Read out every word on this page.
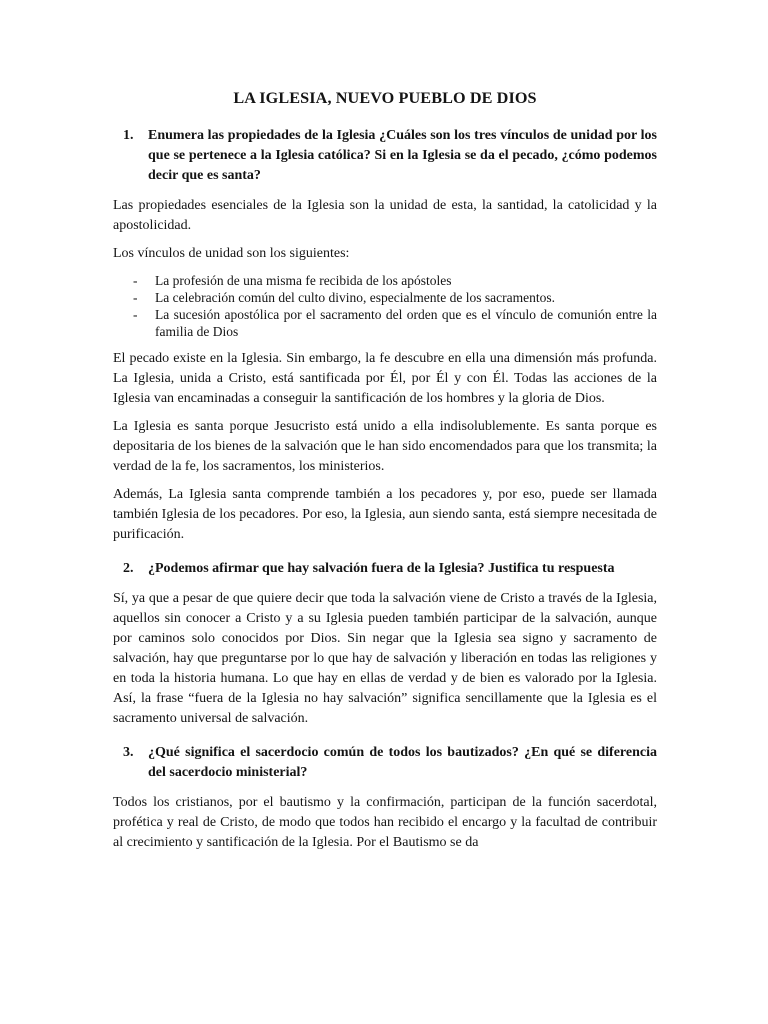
LA IGLESIA, NUEVO PUEBLO DE DIOS
1.	Enumera las propiedades de la Iglesia ¿Cuáles son los tres vínculos de unidad por los que se pertenece a la Iglesia católica? Si en la Iglesia se da el pecado, ¿cómo podemos decir que es santa?

Las propiedades esenciales de la Iglesia son la unidad de esta, la santidad, la catolicidad y la apostolicidad.

Los vínculos de unidad son los siguientes:

-	La profesión de una misma fe recibida de los apóstoles
-	La celebración común del culto divino, especialmente de los sacramentos.
-	La sucesión apostólica por el sacramento del orden que es el vínculo de comunión entre la familia de Dios

El pecado existe en la Iglesia. Sin embargo, la fe descubre en ella una dimensión más profunda. La Iglesia, unida a Cristo, está santificada por Él, por Él y con Él. Todas las acciones de la Iglesia van encaminadas a conseguir la santificación de los hombres y la gloria de Dios.

La Iglesia es santa porque Jesucristo está unido a ella indisolublemente. Es santa porque es depositaria de los bienes de la salvación que le han sido encomendados para que los transmita; la verdad de la fe, los sacramentos, los ministerios.

Además, La Iglesia santa comprende también a los pecadores y, por eso, puede ser llamada también Iglesia de los pecadores. Por eso, la Iglesia, aun siendo santa, está siempre necesitada de purificación.

2.	¿Podemos afirmar que hay salvación fuera de la Iglesia? Justifica tu respuesta

Sí, ya que a pesar de que quiere decir que toda la salvación viene de Cristo a través de la Iglesia, aquellos sin conocer a Cristo y a su Iglesia pueden también participar de la salvación, aunque por caminos solo conocidos por Dios. Sin negar que la Iglesia sea signo y sacramento de salvación, hay que preguntarse por lo que hay de salvación y liberación en todas las religiones y en toda la historia humana. Lo que hay en ellas de verdad y de bien es valorado por la Iglesia. Así, la frase “fuera de la Iglesia no hay salvación” significa sencillamente que la Iglesia es el sacramento universal de salvación.

3.	¿Qué significa el sacerdocio común de todos los bautizados? ¿En qué se diferencia del sacerdocio ministerial?

Todos los cristianos, por el bautismo y la confirmación, participan de la función sacerdotal, profética y real de Cristo, de modo que todos han recibido el encargo y la facultad de contribuir al crecimiento y santificación de la Iglesia. Por el Bautismo se da
